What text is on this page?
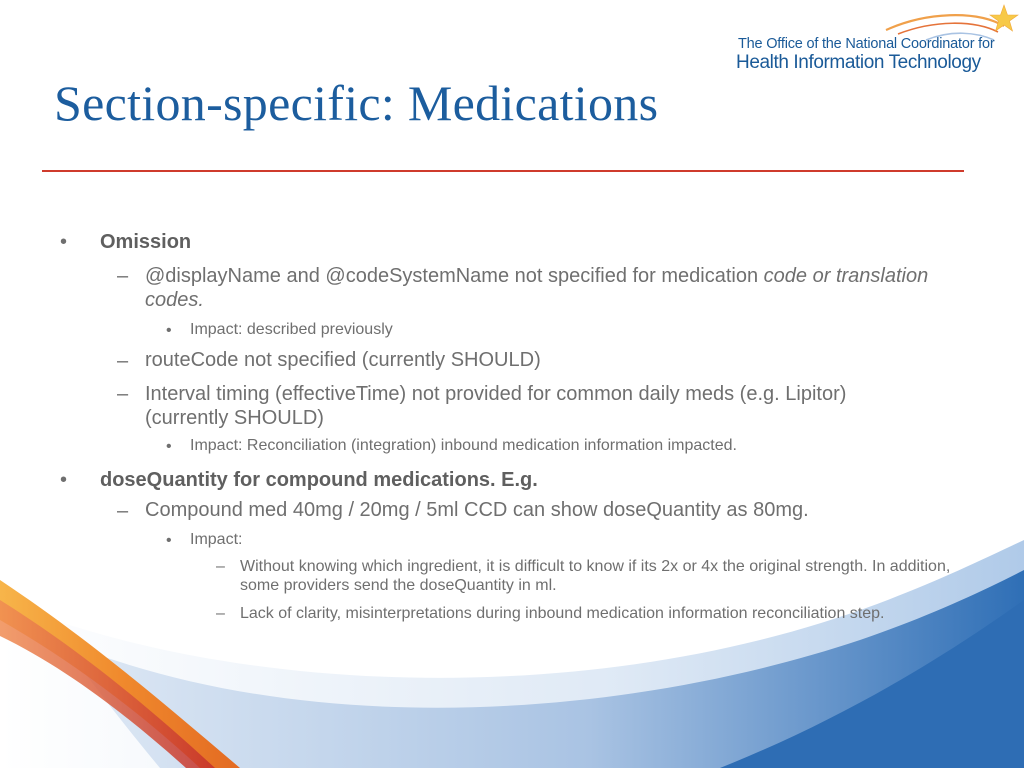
The Office of the National Coordinator for
Health Information Technology
Section-specific: Medications
• Omission
– @displayName and @codeSystemName not specified for medication code or translation codes.
• Impact: described previously
– routeCode not specified (currently SHOULD)
– Interval timing (effectiveTime) not provided for common daily meds (e.g. Lipitor) (currently SHOULD)
• Impact: Reconciliation (integration) inbound medication information impacted.
• doseQuantity for compound medications. E.g.
– Compound med 40mg / 20mg / 5ml CCD can show doseQuantity as 80mg.
• Impact:
– Without knowing which ingredient, it is difficult to know if its 2x or 4x the original strength. In addition, some providers send the doseQuantity in ml.
– Lack of clarity, misinterpretations during inbound medication information reconciliation step.
